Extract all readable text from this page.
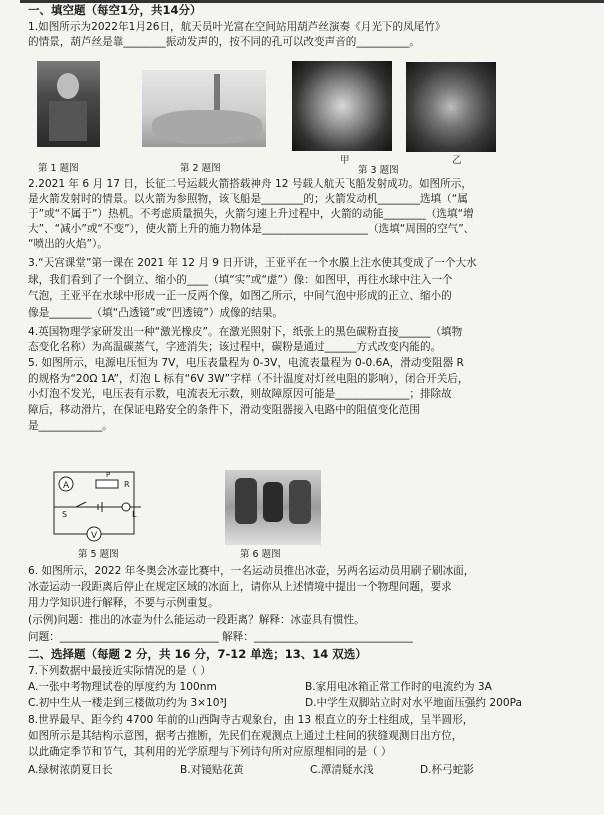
一、填空题（每空1分，共14分）
1.如图所示为2022年1月26日，航天员叶光富在空间站用葫芦丝演奏《月光下的凤尾竹》
的情景，葫芦丝是靠________振动发声的，按不同的孔可以改变声音的__________。
第 1 题图	第 2 题图
甲
第 3 题图
乙
2.2021 年 6 月 17 日，长征二号运载火箭搭载神舟 12 号载人航天飞船发射成功。如图所示，
是火箭发射时的情景。以火箭为参照物，该飞船是________的；火箭发动机________选填（“属
于”或“不属于”）热机。不考虑质量损失，火箭匀速上升过程中，火箭的动能________（选填“增
大”、“减小”或“不变”），使火箭上升的施力物体是____________________（选填“周围的空气”、
“喷出的火焰”）。
3.“天宫课堂”第一课在 2021 年 12 月 9 日开讲，王亚平在一个水膜上注水使其变成了一个大水
球，我们看到了一个倒立、缩小的____（填“实”或“虚”）像：如图甲，再往水球中注入一个
气泡，王亚平在水球中形成一正一反两个像，如图乙所示，中间气泡中形成的正立、缩小的
像是________（填“凸透镜”或“凹透镜”）成像的结果。
4.英国物理学家研发出一种“激光橡皮”。在激光照射下，纸张上的黑色碳粉直接______（填物
态变化名称）为高温碳蒸气，字迹消失；该过程中，碳粉是通过______方式改变内能的。
5. 如图所示，电源电压恒为 7V，电压表量程为 0-3V，电流表量程为 0-0.6A，滑动变阻器 R
的规格为“20Ω 1A”，灯泡 L 标有“6V 3W”字样（不计温度对灯丝电阻的影响），闭合开关后，
小灯泡不发光，电压表有示数，电流表无示数，则故障原因可能是______________；排除故
障后，移动滑片，在保证电路安全的条件下，滑动变阻器接入电路中的阻值变化范围
是____________。
A
P
R
S	L
V
第 5 题图	第 6 题图
6. 如图所示，2022 年冬奥会冰壶比赛中，一名运动员推出冰壶，另两名运动员用刷子刷冰面，
冰壶运动一段距离后停止在规定区域的冰面上，请你从上述情境中提出一个物理问题，要求
用力学知识进行解释，不要与示例重复。
(示例)问题：推出的冰壶为什么能运动一段距离？解释：冰壶具有惯性。
问题：______________________________ 解释：______________________________
二、选择题（每题 2 分，共 16 分，7-12 单选；13、14 双选）
7.下列数据中最接近实际情况的是（ ）
A.一张中考物理试卷的厚度约为 100nm	B.家用电冰箱正常工作时的电流约为 3A
C.初中生从一楼走到三楼做功约为 3×10³J	D.中学生双脚站立时对水平地面压强约 200Pa
8.世界最早、距今约 4700 年前的山西陶寺古观象台，由 13 根直立的夯土柱组成，呈半圆形，
如图所示是其结构示意图，据考古推断，先民们在观测点上通过土柱间的狭缝观测日出方位，
以此确定季节和节气，其利用的光学原理与下列诗句所对应原理相同的是（ ）
A.绿树浓荫夏日长	B.对镜贴花黄	C.潭清疑水浅	D.杯弓蛇影
